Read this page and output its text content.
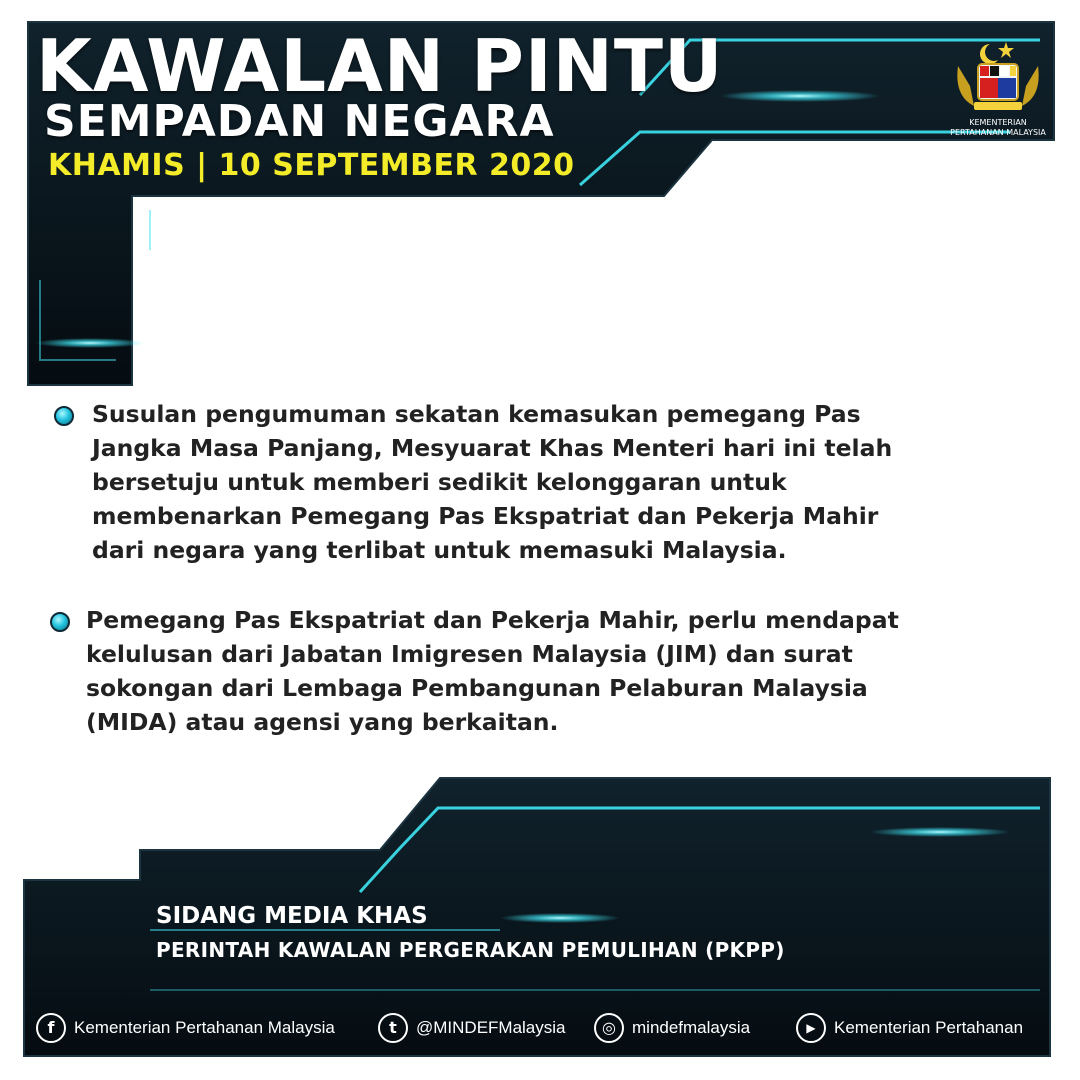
KAWALAN PINTU
SEMPADAN NEGARA
KHAMIS | 10 SEPTEMBER 2020
KEMENTERIAN
PERTAHANAN MALAYSIA
Susulan pengumuman sekatan kemasukan pemegang Pas
Jangka Masa Panjang, Mesyuarat Khas Menteri hari ini telah
bersetuju untuk memberi sedikit kelonggaran untuk
membenarkan Pemegang Pas Ekspatriat dan Pekerja Mahir
dari negara yang terlibat untuk memasuki Malaysia.
Pemegang Pas Ekspatriat dan Pekerja Mahir, perlu mendapat
kelulusan dari Jabatan Imigresen Malaysia (JIM) dan surat
sokongan dari Lembaga Pembangunan Pelaburan Malaysia
(MIDA) atau agensi yang berkaitan.
SIDANG MEDIA KHAS
PERINTAH KAWALAN PERGERAKAN PEMULIHAN (PKPP)
f	Kementerian Pertahanan Malaysia	t	@MINDEFMalaysia	◎ mindefmalaysia	▶	Kementerian Pertahanan
